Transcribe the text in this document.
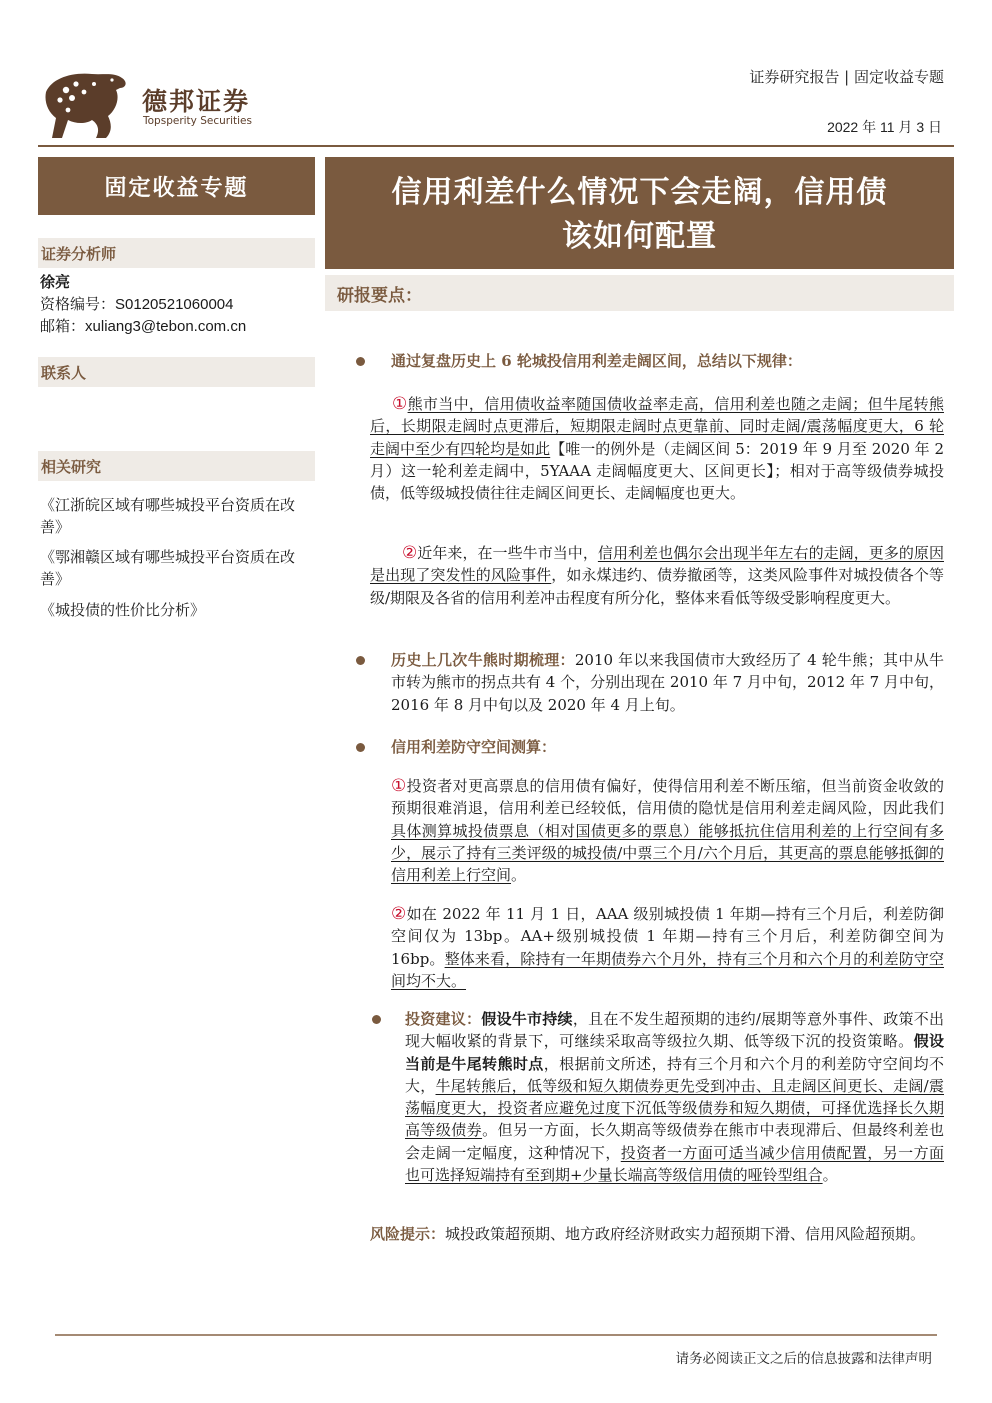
德邦证券
Topsperity Securities
证券研究报告 | 固定收益专题
2022 年 11 月 3 日
固定收益专题
证券分析师
徐亮
资格编号：S0120521060004
邮箱：xuliang3@tebon.com.cn
联系人
相关研究
《江浙皖区域有哪些城投平台资质在改善》
《鄂湘赣区域有哪些城投平台资质在改善》
《城投债的性价比分析》
信用利差什么情况下会走阔，信用债
该如何配置
研报要点：
通过复盘历史上 6 轮城投信用利差走阔区间，总结以下规律：
①熊市当中，信用债收益率随国债收益率走高，信用利差也随之走阔；但牛尾转熊后，长期限走阔时点更滞后，短期限走阔时点更靠前、同时走阔/震荡幅度更大，6 轮走阔中至少有四轮均是如此【唯一的例外是（走阔区间 5：2019 年 9 月至 2020 年 2 月）这一轮利差走阔中，5YAAA 走阔幅度更大、区间更长】；相对于高等级债券城投债，低等级城投债往往走阔区间更长、走阔幅度也更大。
②近年来，在一些牛市当中，信用利差也偶尔会出现半年左右的走阔，更多的原因是出现了突发性的风险事件，如永煤违约、债券撤函等，这类风险事件对城投债各个等级/期限及各省的信用利差冲击程度有所分化，整体来看低等级受影响程度更大。
历史上几次牛熊时期梳理：2010 年以来我国债市大致经历了 4 轮牛熊；其中从牛市转为熊市的拐点共有 4 个，分别出现在 2010 年 7 月中旬，2012 年 7 月中旬，2016 年 8 月中旬以及 2020 年 4 月上旬。
信用利差防守空间测算：
①投资者对更高票息的信用债有偏好，使得信用利差不断压缩，但当前资金收敛的预期很难消退，信用利差已经较低，信用债的隐忧是信用利差走阔风险，因此我们具体测算城投债票息（相对国债更多的票息）能够抵抗住信用利差的上行空间有多少，展示了持有三类评级的城投债/中票三个月/六个月后，其更高的票息能够抵御的信用利差上行空间。
②如在 2022 年 11 月 1 日，AAA 级别城投债 1 年期—持有三个月后，利差防御空间仅为 13bp。AA+级别城投债 1 年期—持有三个月后，利差防御空间为 16bp。整体来看，除持有一年期债券六个月外，持有三个月和六个月的利差防守空间均不大。
投资建议：假设牛市持续，且在不发生超预期的违约/展期等意外事件、政策不出现大幅收紧的背景下，可继续采取高等级拉久期、低等级下沉的投资策略。假设当前是牛尾转熊时点，根据前文所述，持有三个月和六个月的利差防守空间均不大，牛尾转熊后，低等级和短久期债券更先受到冲击、且走阔区间更长、走阔/震荡幅度更大，投资者应避免过度下沉低等级债券和短久期债，可择优选择长久期高等级债券。但另一方面，长久期高等级债券在熊市中表现滞后、但最终利差也会走阔一定幅度，这种情况下，投资者一方面可适当减少信用债配置，另一方面也可选择短端持有至到期+少量长端高等级信用债的哑铃型组合。
风险提示：城投政策超预期、地方政府经济财政实力超预期下滑、信用风险超预期。
请务必阅读正文之后的信息披露和法律声明
